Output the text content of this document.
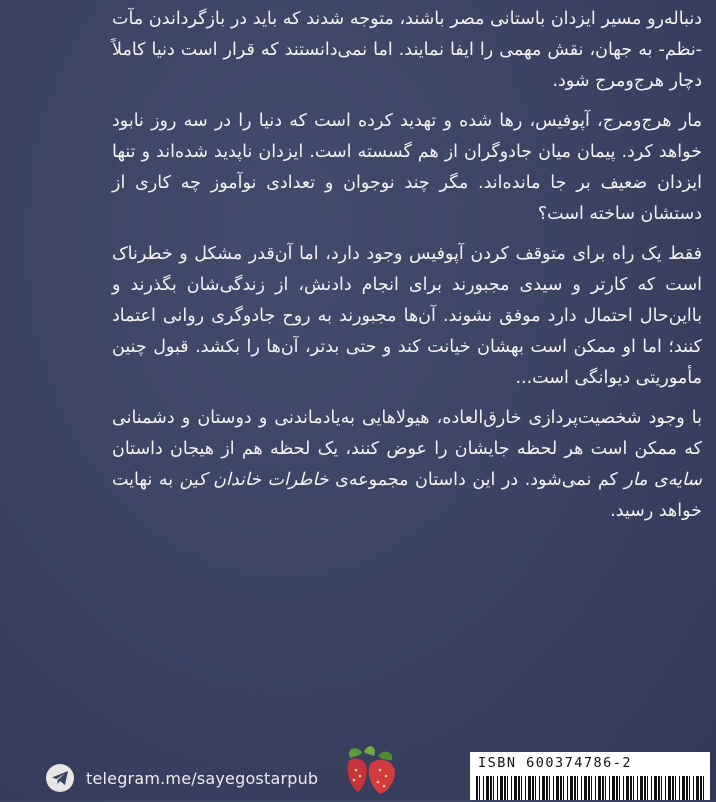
دنباله‌رو مسیر ایزدان باستانی مصر باشند، متوجه شدند که باید در بازگرداندن مآت -نظم- به جهان، نقش مهمی را ایفا نمایند. اما نمی‌دانستند که قرار است دنیا کاملاً دچار هرج‌ومرج شود.

مار هرج‌ومرج، آپوفیس، رها شده و تهدید کرده است که دنیا را در سه روز نابود خواهد کرد. پیمان میان جادوگران از هم گسسته است. ایزدان ناپدید شده‌اند و تنها ایزدان ضعیف بر جا مانده‌اند. مگر چند نوجوان و تعدادی نوآموز چه کاری از دستشان ساخته است؟

فقط یک راه برای متوقف کردن آپوفیس وجود دارد، اما آن‌قدر مشکل و خطرناک است که کارتر و سیدی مجبورند برای انجام دادنش، از زندگی‌شان بگذرند و بااین‌حال احتمال دارد موفق نشوند. آن‌ها مجبورند به روح جادوگری روانی اعتماد کنند؛ اما او ممکن است بهشان خیانت کند و حتی بدتر، آن‌ها را بکشد. قبول چنین مأموریتی دیوانگی است...

با وجود شخصیت‌پردازی خارق‌العاده، هیولاهایی به‌یادماندنی و دوستان و دشمنانی که ممکن است هر لحظه جایشان را عوض کنند، یک لحظه هم از هیجان داستان سایه‌ی مار کم نمی‌شود. در این داستان مجموعه‌ی خاطرات خاندان کین به نهایت خواهد رسید.

telegram.me/sayegostarpub
ISBN 600374786-2
